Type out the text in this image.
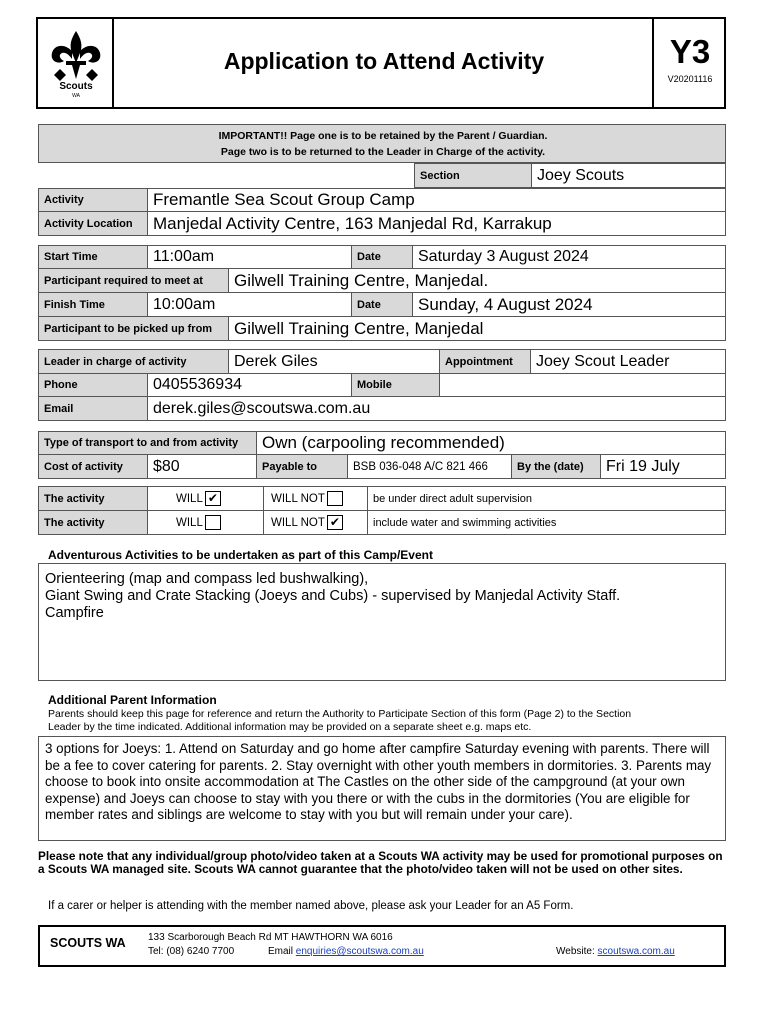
Scouts
WA
Application to Attend Activity	Y3
V20201116
IMPORTANT!! Page one is to be retained by the Parent / Guardian.
Page two is to be returned to the Leader in Charge of the activity.
Section	Joey Scouts
Activity	Fremantle Sea Scout Group Camp
Activity Location	Manjedal Activity Centre, 163 Manjedal Rd, Karrakup
Start Time	11:00am	Date	Saturday 3 August 2024
Participant required to meet at	Gilwell Training Centre, Manjedal.
Finish Time	10:00am	Date	Sunday, 4 August 2024
Participant to be picked up from	Gilwell Training Centre, Manjedal
Leader in charge of activity	Derek Giles	Appointment	Joey Scout Leader
Phone	0405536934	Mobile
Email	derek.giles@scoutswa.com.au
Type of transport to and from activity	Own (carpooling recommended)
Cost of activity	$80	Payable to	BSB 036-048 A/C 821 466	By the (date)	Fri 19 July
The activity	WILL ✔	WILL NOT	be under direct adult supervision
The activity	WILL	WILL NOT ✔	include water and swimming activities
Adventurous Activities to be undertaken as part of this Camp/Event
Orienteering (map and compass led bushwalking),
Giant Swing and Crate Stacking (Joeys and Cubs) - supervised by Manjedal Activity Staff.
Campfire
Additional Parent Information
Parents should keep this page for reference and return the Authority to Participate Section of this form (Page 2) to the Section
Leader by the time indicated. Additional information may be provided on a separate sheet e.g. maps etc.
3 options for Joeys: 1. Attend on Saturday and go home after campfire Saturday evening with parents. There will be a fee to cover catering for parents. 2. Stay overnight with other youth members in dormitories. 3. Parents may choose to book into onsite accommodation at The Castles on the other side of the campground (at your own expense) and Joeys can choose to stay with you there or with the cubs in the dormitories (You are eligible for member rates and siblings are welcome to stay with you but will remain under your care).
Please note that any individual/group photo/video taken at a Scouts WA activity may be used for promotional purposes on a Scouts WA managed site. Scouts WA cannot guarantee that the photo/video taken will not be used on other sites.
If a carer or helper is attending with the member named above, please ask your Leader for an A5 Form.
SCOUTS WA 133 Scarborough Beach Rd MT HAWTHORN WA 6016
Tel: (08) 6240 7700	Email enquiries@scoutswa.com.au	Website: scoutswa.com.au
